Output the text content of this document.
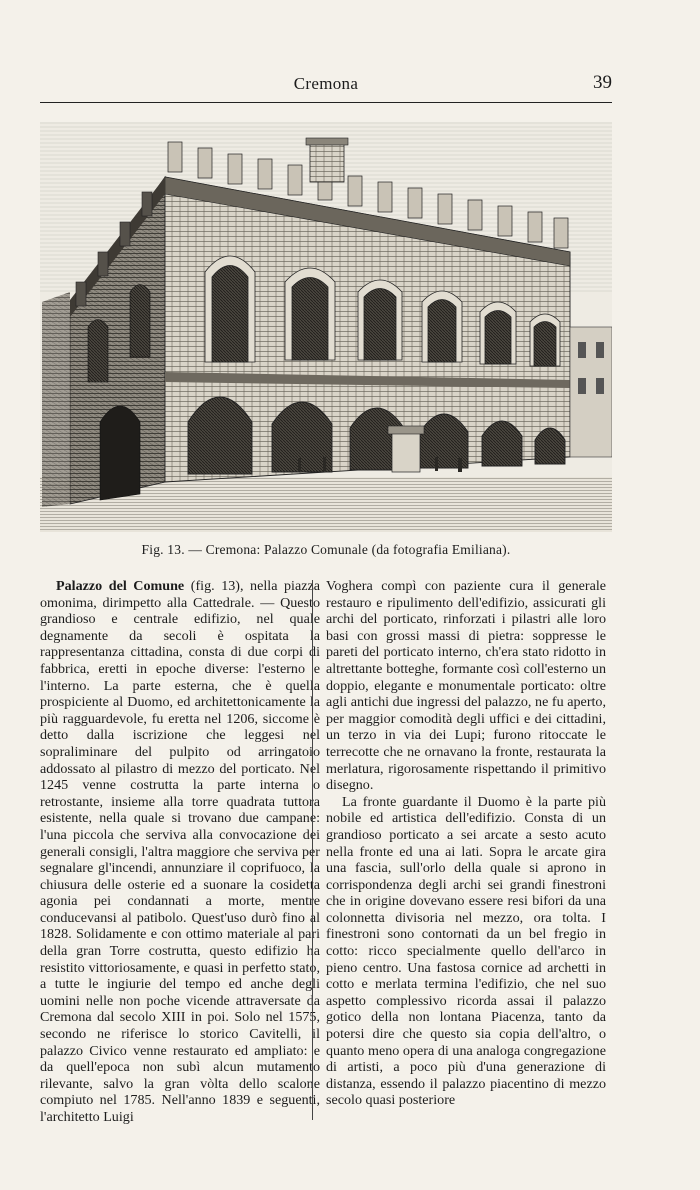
Cremona	39
Fig. 13. — Cremona: Palazzo Comunale (da fotografia Emiliana).

Palazzo del Comune (fig. 13), nella piazza omonima, dirimpetto alla Cattedrale. — Questo grandioso e centrale edifizio, nel quale degnamente da secoli è ospitata la rappresentanza cittadina, consta di due corpi di fabbrica, eretti in epoche diverse: l'esterno e l'interno. La parte esterna, che è quella prospiciente al Duomo, ed architettonicamente la più ragguardevole, fu eretta nel 1206, siccome è detto dalla iscrizione che leggesi nel sopraliminare del pulpito od arringatoio addossato al pilastro di mezzo del porticato. Nel 1245 venne costrutta la parte interna o retrostante, insieme alla torre quadrata tuttora esistente, nella quale si trovano due campane: l'una piccola che serviva alla convocazione dei generali consigli, l'altra maggiore che serviva per segnalare gl'incendi, annunziare il coprifuoco, la chiusura delle osterie ed a suonare la cosidetta agonia pei condannati a morte, mentre conducevansi al patibolo. Quest'uso durò fino al 1828. Solidamente e con ottimo materiale al pari della gran Torre costrutta, questo edifizio ha resistito vittoriosamente, e quasi in perfetto stato, a tutte le ingiurie del tempo ed anche degli uomini nelle non poche vicende attraversate da Cremona dal secolo XIII in poi. Solo nel 1575, secondo ne riferisce lo storico Cavitelli, il palazzo Civico venne restaurato ed ampliato: e da quell'epoca non subì alcun mutamento rilevante, salvo la gran vòlta dello scalone compiuto nel 1785. Nell'anno 1839 e seguenti, l'architetto Luigi

Voghera compì con paziente cura il generale restauro e ripulimento dell'edifizio, assicurati gli archi del porticato, rinforzati i pilastri alle loro basi con grossi massi di pietra: soppresse le pareti del porticato interno, ch'era stato ridotto in altrettante botteghe, formante così coll'esterno un doppio, elegante e monumentale porticato: oltre agli antichi due ingressi del palazzo, ne fu aperto, per maggior comodità degli uffici e dei cittadini, un terzo in via dei Lupi; furono ritoccate le terrecotte che ne ornavano la fronte, restaurata la merlatura, rigorosamente rispettando il primitivo disegno.

La fronte guardante il Duomo è la parte più nobile ed artistica dell'edifizio. Consta di un grandioso porticato a sei arcate a sesto acuto nella fronte ed una ai lati. Sopra le arcate gira una fascia, sull'orlo della quale si aprono in corrispondenza degli archi sei grandi finestroni che in origine dovevano essere resi bifori da una colonnetta divisoria nel mezzo, ora tolta. I finestroni sono contornati da un bel fregio in cotto: ricco specialmente quello dell'arco in pieno centro. Una fastosa cornice ad archetti in cotto e merlata termina l'edifizio, che nel suo aspetto complessivo ricorda assai il palazzo gotico della non lontana Piacenza, tanto da potersi dire che questo sia copia dell'altro, o quanto meno opera di una analoga congregazione di artisti, a poco più d'una generazione di distanza, essendo il palazzo piacentino di mezzo secolo quasi posteriore
